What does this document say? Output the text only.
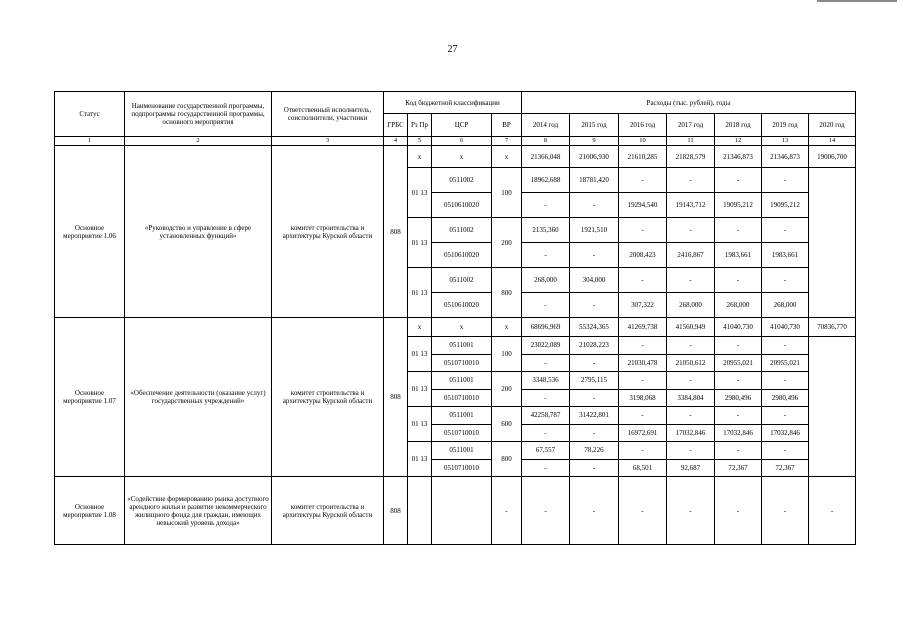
27
Статус	Наименование государственной программы, подпрограммы государственной программы, основного мероприятия	Ответственный исполнитель, соисполнители, участники	Код бюджетной классификации				Расходы (тыс. рублей), годы						
			ГРБС	Рз Пр	ЦСР	ВР	2014 год	2015 год	2016 год	2017 год	2018 год	2019 год	2020 год
1	2	3	4	5	6	7	8	9	10	11	12	13	14
Основное мероприятие 1.06	«Руководство и управление в сфере установленных функций»	комитет строительства и архитектуры Курской области	808	х	х	х	21366,048	21006,930	21610,285	21828,579	21346,873	21346,873	19006,700
				01 13	0511002	100	18962,688	18781,420	-	-	-	-	
					0510610020		-	-	19294,540	19143,712	19095,212	19095,212	
				01 13	0511002	200	2135,360	1921,510	-	-	-	-	
					0510610020		-	-	2008,423	2416,867	1983,661	1983,661	
				01 13	0511002	800	268,000	304,000	-	-	-	-	
					0510610020		-	-	307,322	268,000	268,000	268,000	
Основное мероприятие 1.07	«Обеспечение деятельности (оказание услуг) государственных учреждений»	комитет строительства и архитектуры Курской области	808	х	х	х	68696,969	55324,365	41269,738	41560,949	41040,730	41040,730	70836,770
				01 13	0511001	100	23022,089	21028,223	-	-	-	-	
					0510710010		-	-	21030,478	21050,612	20955,021	20955,021	
				01 13	0511001	200	3348,536	2795,115	-	-	-	-	
					0510710010		-	-	3198,068	3384,804	2980,496	2980,496	
				01 13	0511001	600	42258,787	31422,801	-	-	-	-	
					0510710010		-	-	16972,691	17032,846	17032,846	17032,846	
				01 13	0511001	800	67,557	78,226	-	-	-	-	
					0510710010		-	-	68,501	92,687	72,367	72,367	
Основное мероприятие 1.08	«Содействие формированию рынка доступного арендного жилья и развитие некоммерческого жилищного фонда для граждан, имеющих невысокий уровень дохода»	комитет строительства и архитектуры Курской области	808			-	-	-	-	-	-	-	-
